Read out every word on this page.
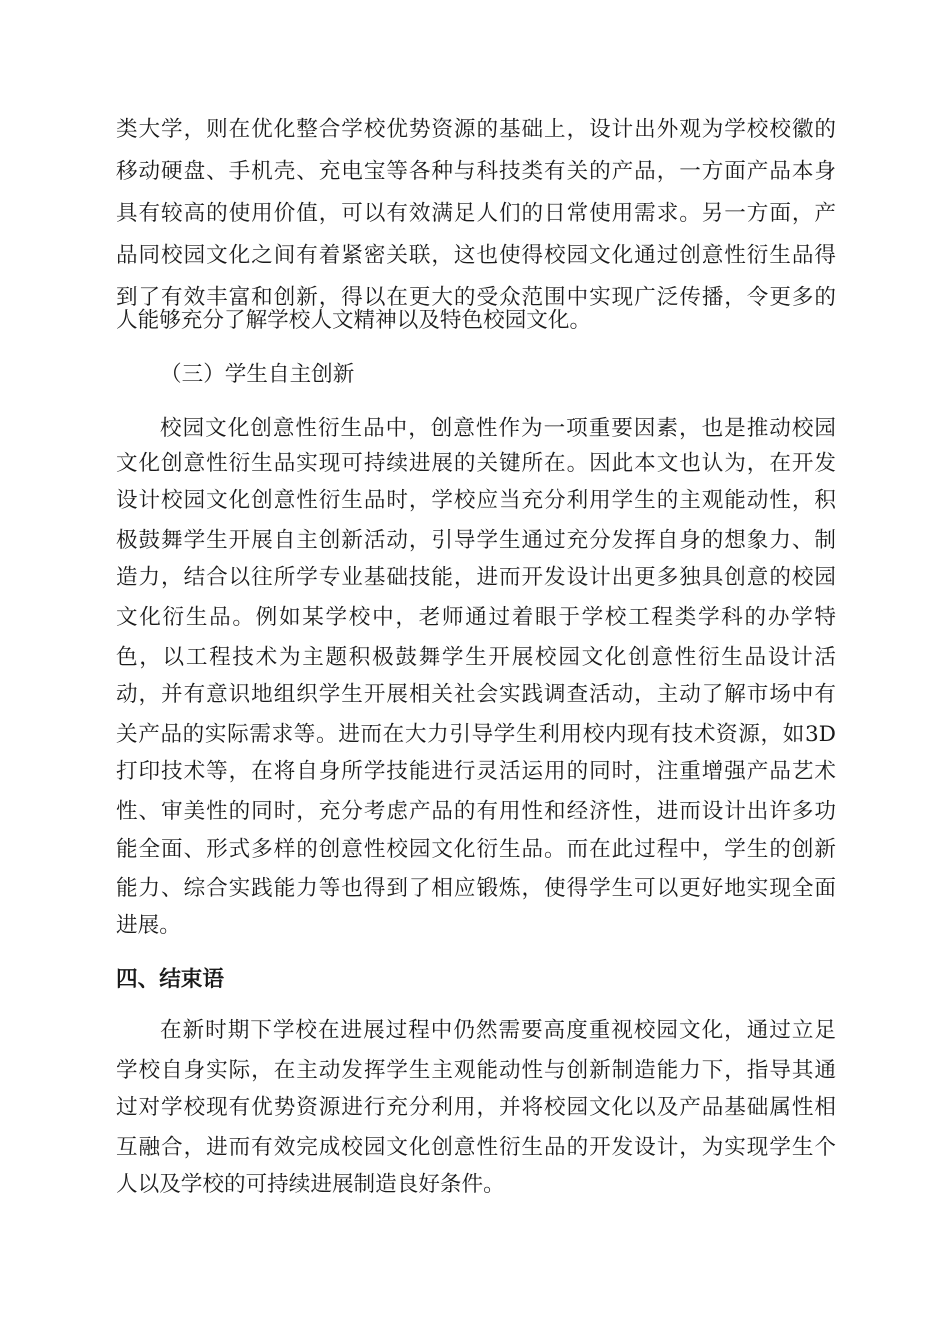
类大学，则在优化整合学校优势资源的基础上，设计出外观为学校校徽的
移动硬盘、手机壳、充电宝等各种与科技类有关的产品，一方面产品本身
具有较高的使用价值，可以有效满足人们的日常使用需求。另一方面，产
品同校园文化之间有着紧密关联，这也使得校园文化通过创意性衍生品得
到了有效丰富和创新，得以在更大的受众范围中实现广泛传播，令更多的
人能够充分了解学校人文精神以及特色校园文化。
（三）学生自主创新
校园文化创意性衍生品中，创意性作为一项重要因素，也是推动校园
文化创意性衍生品实现可持续进展的关键所在。因此本文也认为，在开发
设计校园文化创意性衍生品时，学校应当充分利用学生的主观能动性，积
极鼓舞学生开展自主创新活动，引导学生通过充分发挥自身的想象力、制
造力，结合以往所学专业基础技能，进而开发设计出更多独具创意的校园
文化衍生品。例如某学校中，老师通过着眼于学校工程类学科的办学特
色，以工程技术为主题积极鼓舞学生开展校园文化创意性衍生品设计活
动，并有意识地组织学生开展相关社会实践调查活动，主动了解市场中有
关产品的实际需求等。进而在大力引导学生利用校内现有技术资源，如3D
打印技术等，在将自身所学技能进行灵活运用的同时，注重增强产品艺术
性、审美性的同时，充分考虑产品的有用性和经济性，进而设计出许多功
能全面、形式多样的创意性校园文化衍生品。而在此过程中，学生的创新
能力、综合实践能力等也得到了相应锻炼，使得学生可以更好地实现全面
进展。
四、结束语
在新时期下学校在进展过程中仍然需要高度重视校园文化，通过立足
学校自身实际，在主动发挥学生主观能动性与创新制造能力下，指导其通
过对学校现有优势资源进行充分利用，并将校园文化以及产品基础属性相
互融合，进而有效完成校园文化创意性衍生品的开发设计，为实现学生个
人以及学校的可持续进展制造良好条件。
